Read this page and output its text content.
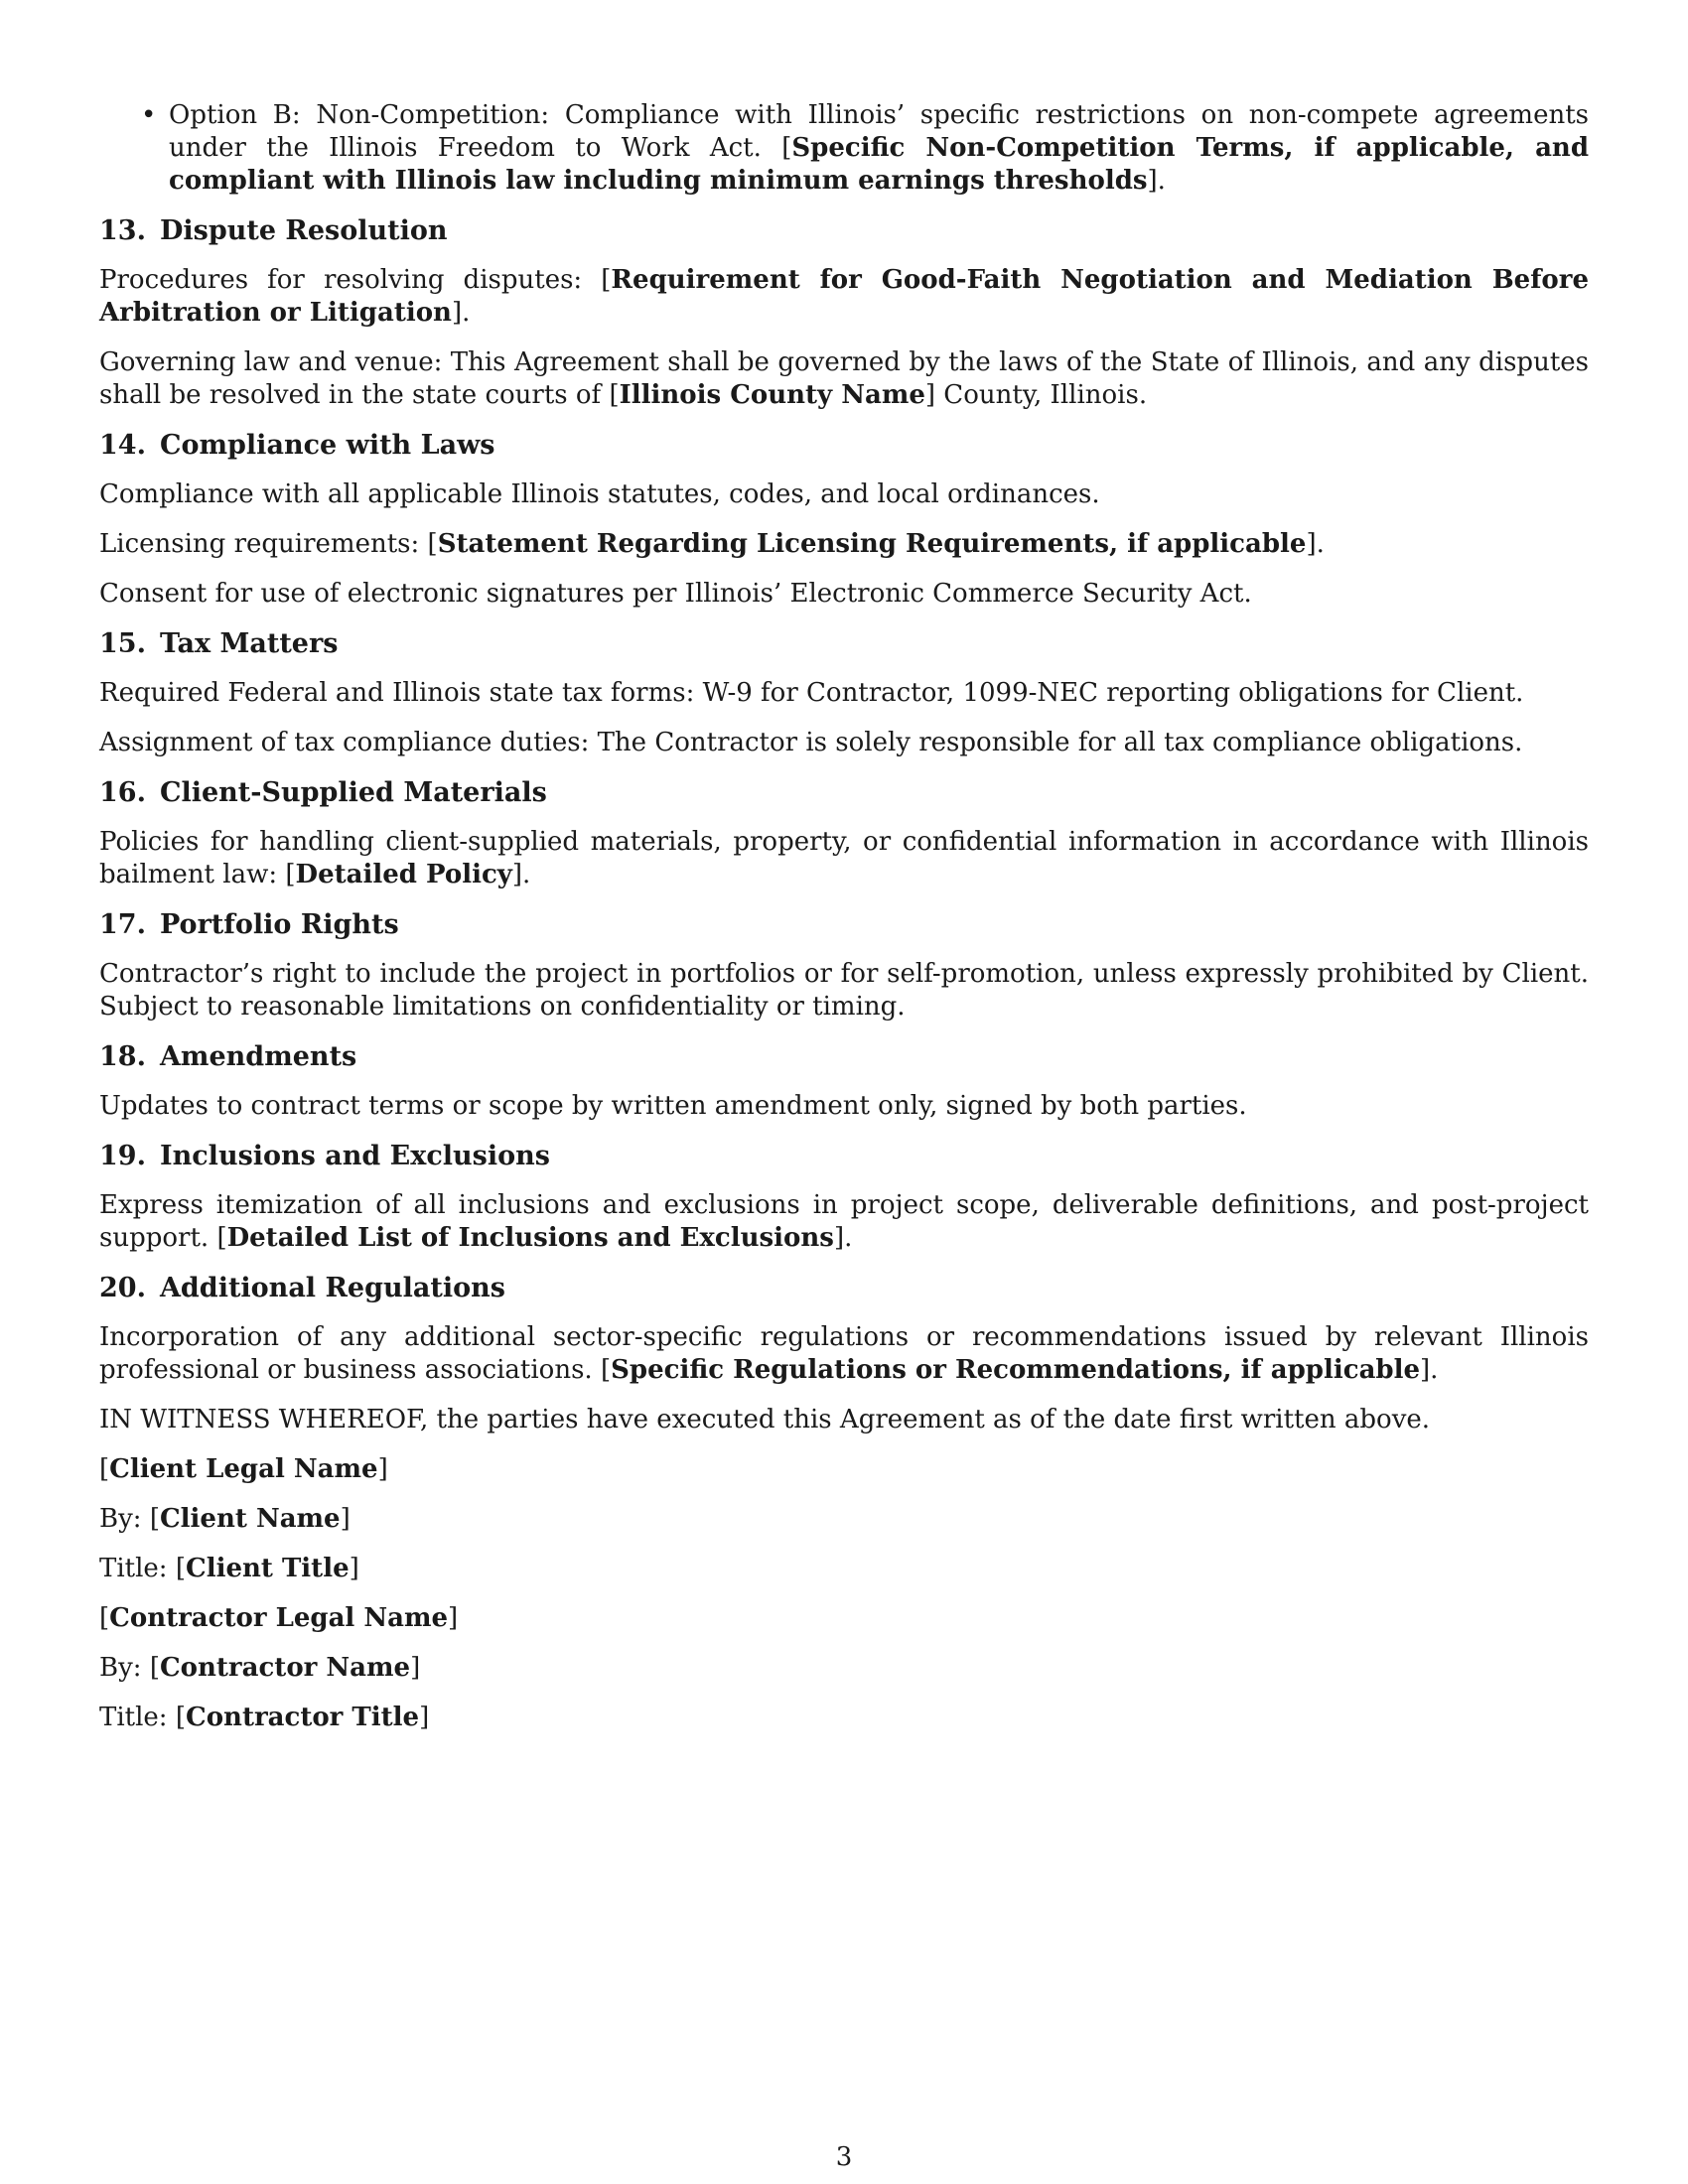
• Option B: Non-Competition: Compliance with Illinois’ specific restrictions on non-compete agreements under the Illinois Freedom to Work Act. [Specific Non-Competition Terms, if applicable, and compliant with Illinois law including minimum earnings thresholds].
13. Dispute Resolution

Procedures for resolving disputes: [Requirement for Good-Faith Negotiation and Mediation Before Arbitration or Litigation].

Governing law and venue: This Agreement shall be governed by the laws of the State of Illinois, and any disputes shall be resolved in the state courts of [Illinois County Name] County, Illinois.

14. Compliance with Laws

Compliance with all applicable Illinois statutes, codes, and local ordinances.

Licensing requirements: [Statement Regarding Licensing Requirements, if applicable].

Consent for use of electronic signatures per Illinois’ Electronic Commerce Security Act.

15. Tax Matters

Required Federal and Illinois state tax forms: W-9 for Contractor, 1099-NEC reporting obligations for Client.

Assignment of tax compliance duties: The Contractor is solely responsible for all tax compliance obligations.

16. Client-Supplied Materials

Policies for handling client-supplied materials, property, or confidential information in accordance with Illinois bailment law: [Detailed Policy].

17. Portfolio Rights

Contractor’s right to include the project in portfolios or for self-promotion, unless expressly prohibited by Client. Subject to reasonable limitations on confidentiality or timing.

18. Amendments

Updates to contract terms or scope by written amendment only, signed by both parties.

19. Inclusions and Exclusions

Express itemization of all inclusions and exclusions in project scope, deliverable definitions, and post-project support. [Detailed List of Inclusions and Exclusions].

20. Additional Regulations

Incorporation of any additional sector-specific regulations or recommendations issued by relevant Illinois professional or business associations. [Specific Regulations or Recommendations, if applicable].

IN WITNESS WHEREOF, the parties have executed this Agreement as of the date first written above.

[Client Legal Name]

By: [Client Name]

Title: [Client Title]

[Contractor Legal Name]

By: [Contractor Name]

Title: [Contractor Title]

3
